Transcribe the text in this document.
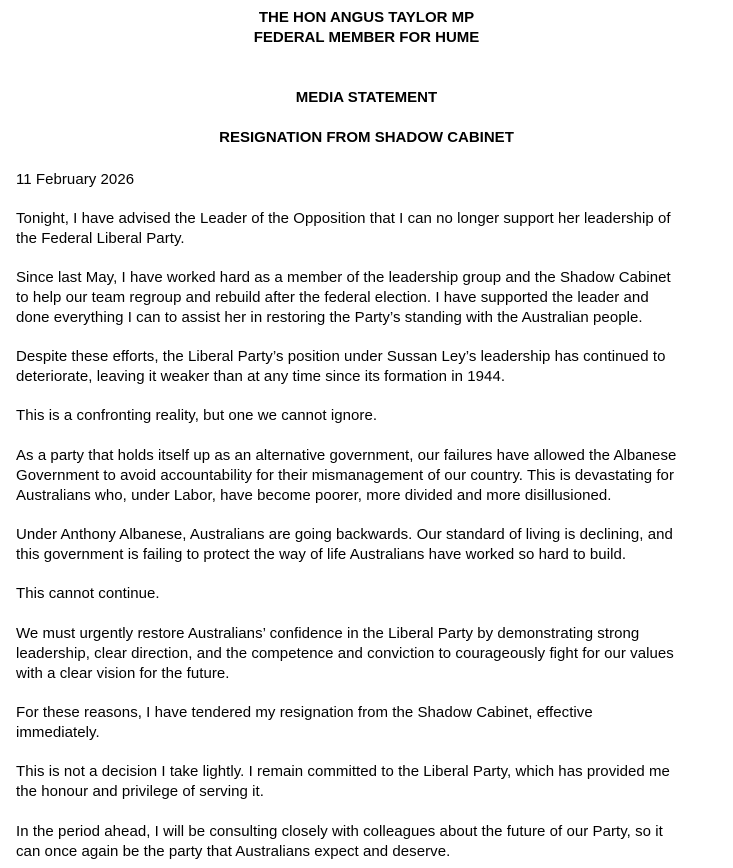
THE HON ANGUS TAYLOR MP
FEDERAL MEMBER FOR HUME
MEDIA STATEMENT
RESIGNATION FROM SHADOW CABINET
11 February 2026
Tonight, I have advised the Leader of the Opposition that I can no longer support her leadership of
the Federal Liberal Party.
Since last May, I have worked hard as a member of the leadership group and the Shadow Cabinet
to help our team regroup and rebuild after the federal election. I have supported the leader and
done everything I can to assist her in restoring the Party’s standing with the Australian people.
Despite these efforts, the Liberal Party’s position under Sussan Ley’s leadership has continued to
deteriorate, leaving it weaker than at any time since its formation in 1944.
This is a confronting reality, but one we cannot ignore.
As a party that holds itself up as an alternative government, our failures have allowed the Albanese
Government to avoid accountability for their mismanagement of our country. This is devastating for
Australians who, under Labor, have become poorer, more divided and more disillusioned.
Under Anthony Albanese, Australians are going backwards. Our standard of living is declining, and
this government is failing to protect the way of life Australians have worked so hard to build.
This cannot continue.
We must urgently restore Australians’ confidence in the Liberal Party by demonstrating strong
leadership, clear direction, and the competence and conviction to courageously fight for our values
with a clear vision for the future.
For these reasons, I have tendered my resignation from the Shadow Cabinet, effective
immediately.
This is not a decision I take lightly. I remain committed to the Liberal Party, which has provided me
the honour and privilege of serving it.
In the period ahead, I will be consulting closely with colleagues about the future of our Party, so it
can once again be the party that Australians expect and deserve.
